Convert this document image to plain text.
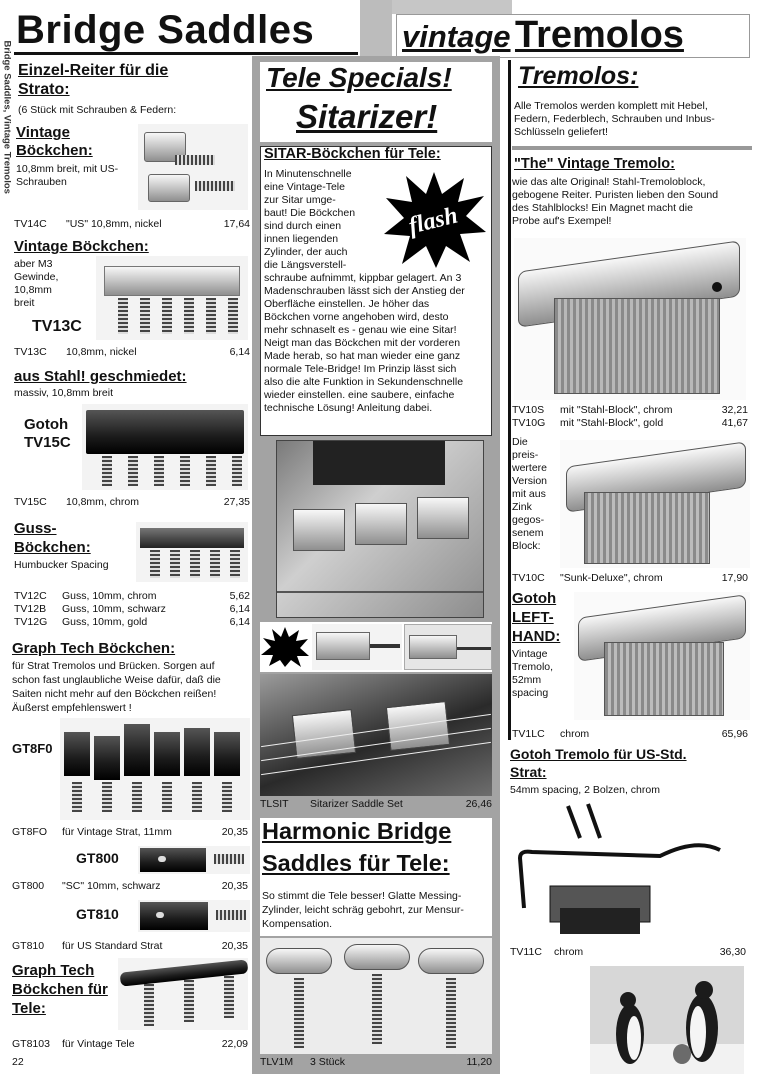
Bridge Saddles	vintage Tremolos
Bridge Saddles, Vintage Tremolos Einzel-Reiter für die
Strato:
(6 Stück mit Schrauben & Federn:
Vintage
Böckchen:
10,8mm breit, mit US-
Schrauben
TV14C "US" 10,8mm, nickel	17,64
Vintage Böckchen:
aber M3
Gewinde,
10,8mm
breit
TV13C
TV13C 10,8mm, nickel	6,14
aus Stahl! geschmiedet:
massiv, 10,8mm breit
Gotoh
TV15C
TV15C 10,8mm, chrom	27,35
Guss-
Böckchen:
Humbucker Spacing
TV12C Guss, 10mm, chrom	5,62
TV12B Guss, 10mm, schwarz	6,14
TV12G Guss, 10mm, gold	6,14
Graph Tech Böckchen:
für Strat Tremolos und Brücken. Sorgen auf
schon fast unglaubliche Weise dafür, daß die
Saiten nicht mehr auf den Böckchen reißen!
Äußerst empfehlenswert !
GT8F0
GT8FO für Vintage Strat, 11mm	20,35
GT800
GT800 "SC" 10mm, schwarz	20,35
GT810
GT810 für US Standard Strat	20,35
Graph Tech
Böckchen für
Tele:
GT8103 für Vintage Tele	22,09
22
Tele Specials!
Sitarizer!
SITAR-Böckchen für Tele:
flash
In Minutenschnelle
eine Vintage-Tele
zur Sitar umge-
baut! Die Böckchen
sind durch einen
innen liegenden
Zylinder, der auch
die Längsverstell-
schraube aufnimmt, kippbar gelagert. An 3
Madenschrauben lässt sich der Anstieg der
Oberfläche einstellen. Je höher das
Böckchen vorne angehoben wird, desto
mehr schnaselt es - genau wie eine Sitar!
Neigt man das Böckchen mit der vorderen
Made herab, so hat man wieder eine ganz
normale Tele-Bridge! Im Prinzip lässt sich
also die alte Funktion in Sekundenschnelle
wieder einstellen. eine saubere, einfache
technische Lösung! Anleitung dabei.
TLSIT Sitarizer Saddle Set	26,46
Harmonic Bridge
Saddles für Tele:
So stimmt die Tele besser! Glatte Messing-
Zylinder, leicht schräg gebohrt, zur Mensur-
Kompensation.
TLV1M 3 Stück	11,20
Tremolos:
Alle Tremolos werden komplett mit Hebel,
Federn, Federblech, Schrauben und Inbus-
Schlüsseln geliefert!
"The" Vintage Tremolo:
wie das alte Original! Stahl-Tremoloblock,
gebogene Reiter. Puristen lieben den Sound
des Stahlblocks! Ein Magnet macht die
Probe auf's Exempel!
TV10S mit "Stahl-Block", chrom	32,21
TV10G mit "Stahl-Block", gold	41,67
Die
preis-
wertere
Version
mit aus
Zink
gegos-
senem
Block:
TV10C "Sunk-Deluxe", chrom	17,90
Gotoh
LEFT-
HAND:
Vintage
Tremolo,
52mm
spacing
TV1LC chrom	65,96
Gotoh Tremolo für US-Std.
Strat:
54mm spacing, 2 Bolzen, chrom
TV11C chrom	36,30
